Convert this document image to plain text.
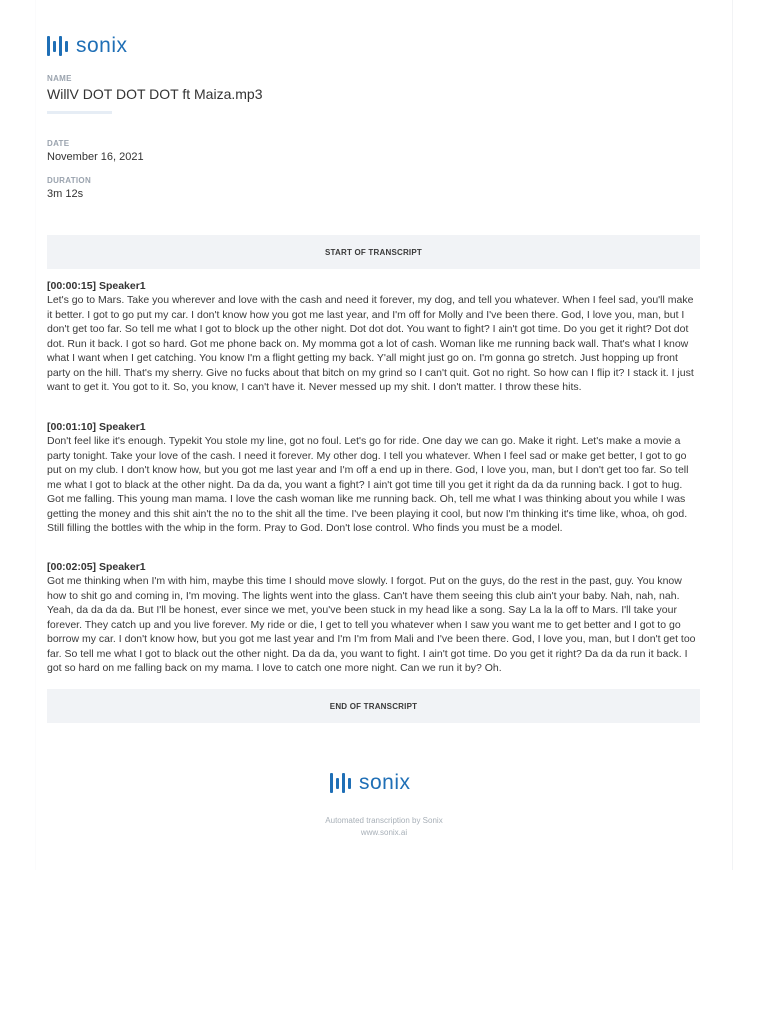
sonix
NAME
WillV DOT DOT DOT ft Maiza.mp3
DATE
November 16, 2021
DURATION
3m 12s
START OF TRANSCRIPT
[00:00:15] Speaker1

Let's go to Mars. Take you wherever and love with the cash and need it forever, my dog, and tell you whatever. When I feel sad, you'll make it better. I got to go put my car. I don't know how you got me last year, and I'm off for Molly and I've been there. God, I love you, man, but I don't get too far. So tell me what I got to block up the other night. Dot dot dot. You want to fight? I ain't got time. Do you get it right? Dot dot dot. Run it back. I got so hard. Got me phone back on. My momma got a lot of cash. Woman like me running back wall. That's what I know what I want when I get catching. You know I'm a flight getting my back. Y'all might just go on. I'm gonna go stretch. Just hopping up front party on the hill. That's my sherry. Give no fucks about that bitch on my grind so I can't quit. Got no right. So how can I flip it? I stack it. I just want to get it. You got to it. So, you know, I can't have it. Never messed up my shit. I don't matter. I throw these hits.

[00:01:10] Speaker1

Don't feel like it's enough. Typekit You stole my line, got no foul. Let's go for ride. One day we can go. Make it right. Let's make a movie a party tonight. Take your love of the cash. I need it forever. My other dog. I tell you whatever. When I feel sad or make get better, I got to go put on my club. I don't know how, but you got me last year and I'm off a end up in there. God, I love you, man, but I don't get too far. So tell me what I got to black at the other night. Da da da, you want a fight? I ain't got time till you get it right da da da running back. I got to hug. Got me falling. This young man mama. I love the cash woman like me running back. Oh, tell me what I was thinking about you while I was getting the money and this shit ain't the no to the shit all the time. I've been playing it cool, but now I'm thinking it's time like, whoa, oh god. Still filling the bottles with the whip in the form. Pray to God. Don't lose control. Who finds you must be a model.

[00:02:05] Speaker1

Got me thinking when I'm with him, maybe this time I should move slowly. I forgot. Put on the guys, do the rest in the past, guy. You know how to shit go and coming in, I'm moving. The lights went into the glass. Can't have them seeing this club ain't your baby. Nah, nah, nah. Yeah, da da da da. But I'll be honest, ever since we met, you've been stuck in my head like a song. Say La la la off to Mars. I'll take your forever. They catch up and you live forever. My ride or die, I get to tell you whatever when I saw you want me to get better and I got to go borrow my car. I don't know how, but you got me last year and I'm I'm from Mali and I've been there. God, I love you, man, but I don't get too far. So tell me what I got to black out the other night. Da da da, you want to fight. I ain't got time. Do you get it right? Da da da run it back. I got so hard on me falling back on my mama. I love to catch one more night. Can we run it by? Oh.

END OF TRANSCRIPT
sonix
Automated transcription by Sonix
www.sonix.ai
